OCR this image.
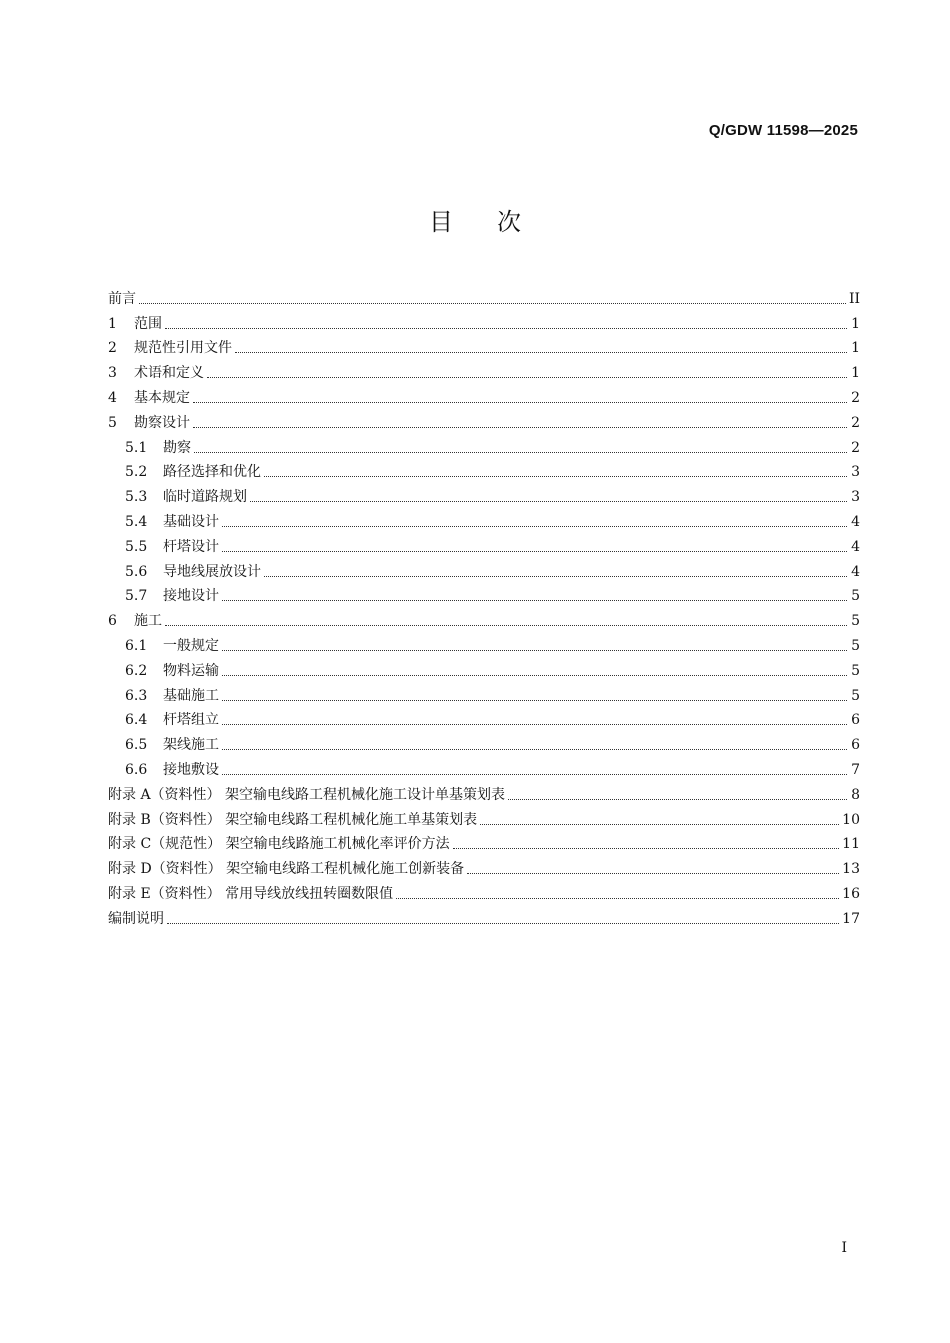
Q/GDW 11598—2025
目次
前言	II
1	范围	1
2	规范性引用文件	1
3	术语和定义	1
4	基本规定	2
5	勘察设计	2
5.1	勘察	2
5.2	路径选择和优化	3
5.3	临时道路规划	3
5.4	基础设计	4
5.5	杆塔设计	4
5.6	导地线展放设计	4
5.7	接地设计	5
6	施工	5
6.1	一般规定	5
6.2	物料运输	5
6.3	基础施工	5
6.4	杆塔组立	6
6.5	架线施工	6
6.6	接地敷设	7
附录 A（资料性） 架空输电线路工程机械化施工设计单基策划表	8
附录 B（资料性） 架空输电线路工程机械化施工单基策划表	10
附录 C（规范性） 架空输电线路施工机械化率评价方法	11
附录 D（资料性） 架空输电线路工程机械化施工创新装备	13
附录 E（资料性） 常用导线放线扭转圈数限值	16
编制说明	17
I
